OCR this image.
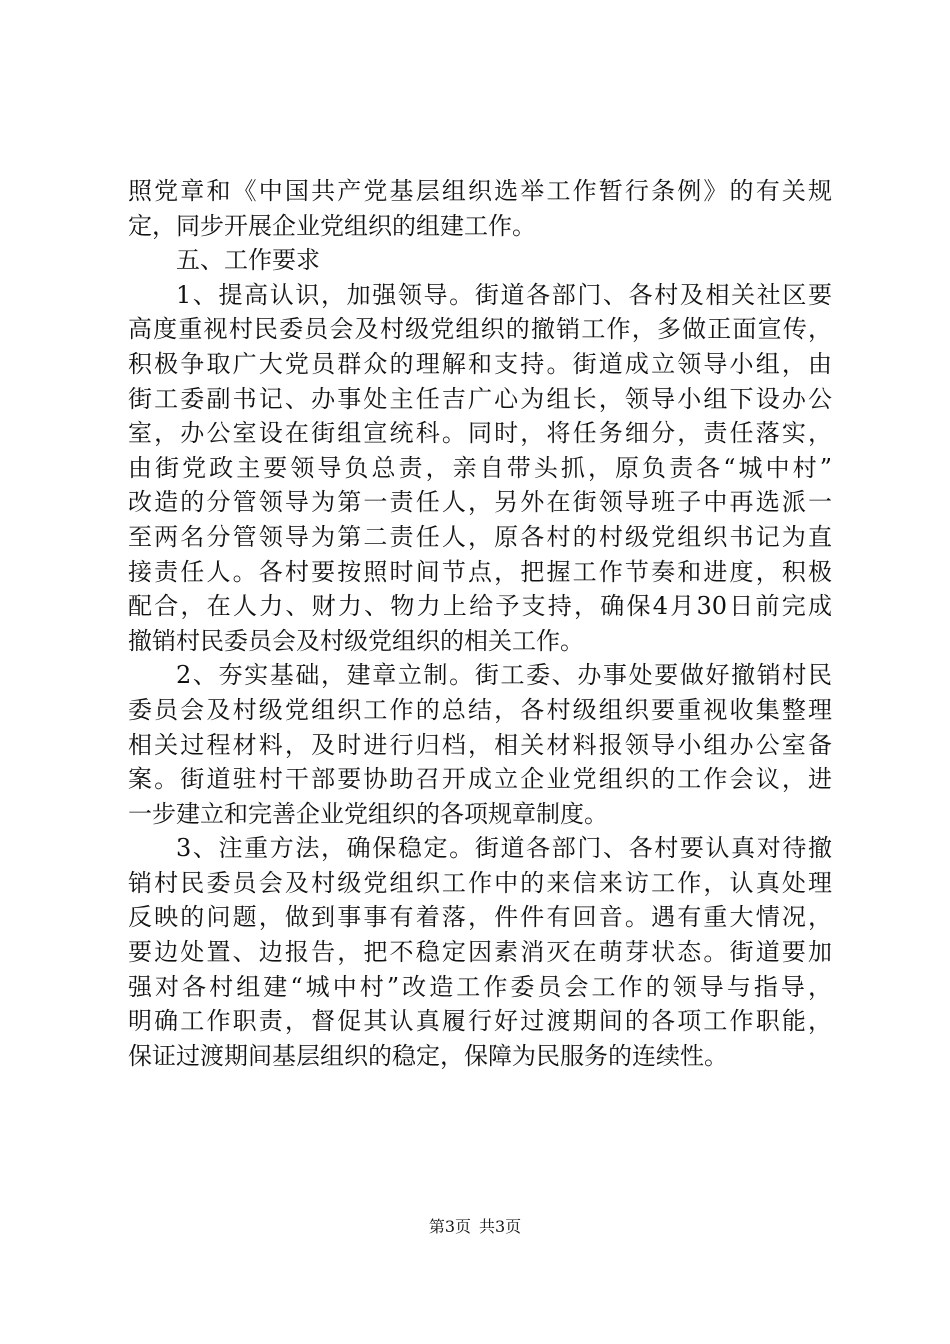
照党章和《中国共产党基层组织选举工作暂行条例》的有关规
定，同步开展企业党组织的组建工作。
五、工作要求
1、提高认识，加强领导。街道各部门、各村及相关社区要
高度重视村民委员会及村级党组织的撤销工作，多做正面宣传，
积极争取广大党员群众的理解和支持。街道成立领导小组，由
街工委副书记、办事处主任吉广心为组长，领导小组下设办公
室，办公室设在街组宣统科。同时，将任务细分，责任落实，
由街党政主要领导负总责，亲自带头抓，原负责各“城中村”
改造的分管领导为第一责任人，另外在街领导班子中再选派一
至两名分管领导为第二责任人，原各村的村级党组织书记为直
接责任人。各村要按照时间节点，把握工作节奏和进度，积极
配合，在人力、财力、物力上给予支持，确保4月30日前完成
撤销村民委员会及村级党组织的相关工作。
2、夯实基础，建章立制。街工委、办事处要做好撤销村民
委员会及村级党组织工作的总结，各村级组织要重视收集整理
相关过程材料，及时进行归档，相关材料报领导小组办公室备
案。街道驻村干部要协助召开成立企业党组织的工作会议，进
一步建立和完善企业党组织的各项规章制度。
3、注重方法，确保稳定。街道各部门、各村要认真对待撤
销村民委员会及村级党组织工作中的来信来访工作，认真处理
反映的问题，做到事事有着落，件件有回音。遇有重大情况，
要边处置、边报告，把不稳定因素消灭在萌芽状态。街道要加
强对各村组建“城中村”改造工作委员会工作的领导与指导，
明确工作职责，督促其认真履行好过渡期间的各项工作职能，
保证过渡期间基层组织的稳定，保障为民服务的连续性。
第3页 共3页
